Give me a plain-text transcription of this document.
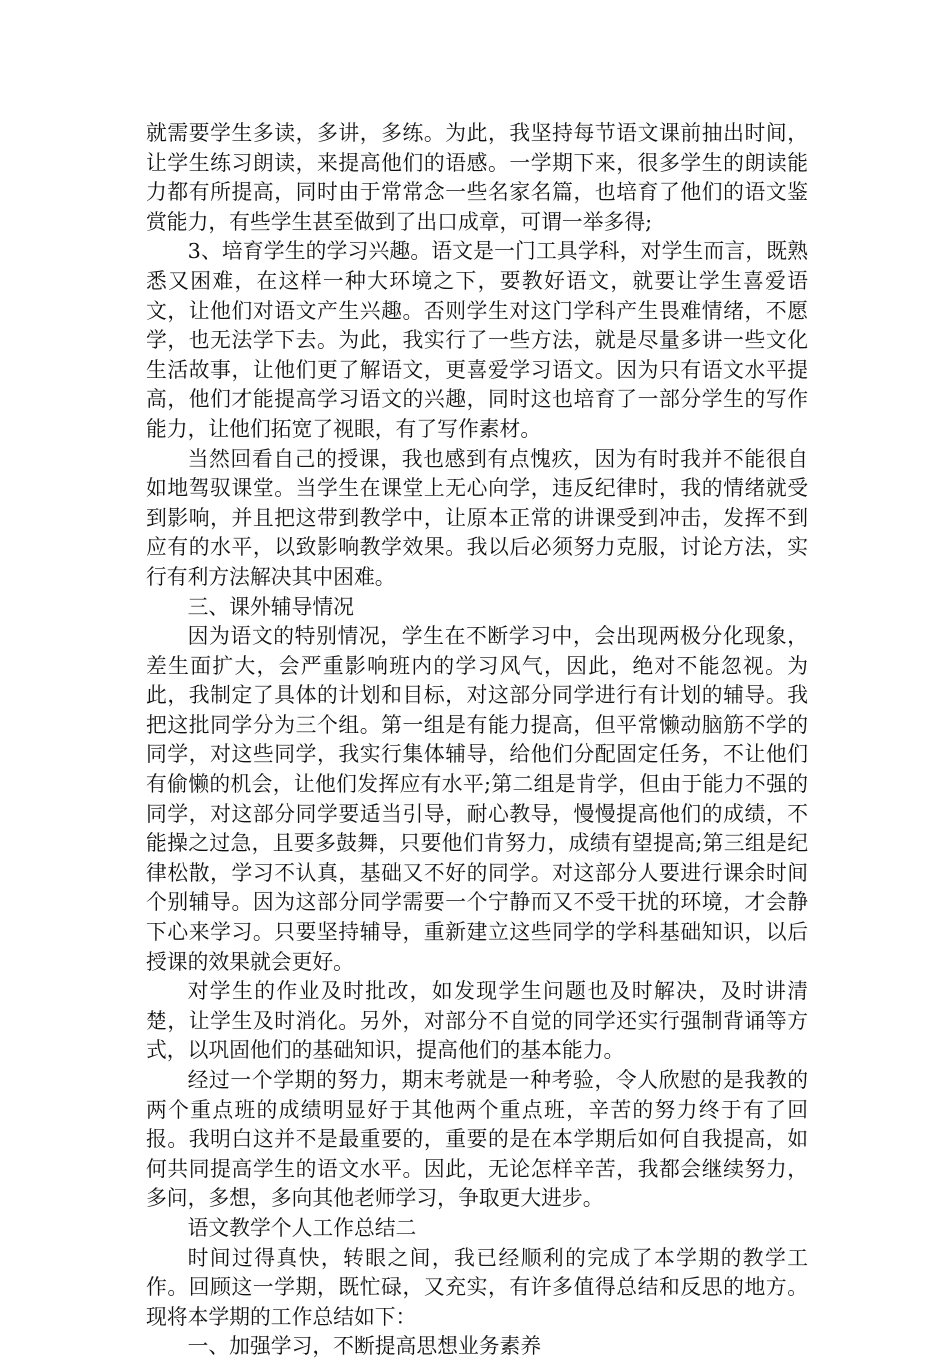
就需要学生多读，多讲，多练。为此，我坚持每节语文课前抽出时间，让学生练习朗读，来提高他们的语感。一学期下来，很多学生的朗读能力都有所提高，同时由于常常念一些名家名篇，也培育了他们的语文鉴赏能力，有些学生甚至做到了出口成章，可谓一举多得;

3、培育学生的学习兴趣。语文是一门工具学科，对学生而言，既熟悉又困难，在这样一种大环境之下，要教好语文，就要让学生喜爱语文，让他们对语文产生兴趣。否则学生对这门学科产生畏难情绪，不愿学，也无法学下去。为此，我实行了一些方法，就是尽量多讲一些文化生活故事，让他们更了解语文，更喜爱学习语文。因为只有语文水平提高，他们才能提高学习语文的兴趣，同时这也培育了一部分学生的写作能力，让他们拓宽了视眼，有了写作素材。

当然回看自己的授课，我也感到有点愧疚，因为有时我并不能很自如地驾驭课堂。当学生在课堂上无心向学，违反纪律时，我的情绪就受到影响，并且把这带到教学中，让原本正常的讲课受到冲击，发挥不到应有的水平，以致影响教学效果。我以后必须努力克服，讨论方法，实行有利方法解决其中困难。

三、课外辅导情况

因为语文的特别情况，学生在不断学习中，会出现两极分化现象，差生面扩大，会严重影响班内的学习风气，因此，绝对不能忽视。为此，我制定了具体的计划和目标，对这部分同学进行有计划的辅导。我把这批同学分为三个组。第一组是有能力提高，但平常懒动脑筋不学的同学，对这些同学，我实行集体辅导，给他们分配固定任务，不让他们有偷懒的机会，让他们发挥应有水平;第二组是肯学，但由于能力不强的同学，对这部分同学要适当引导，耐心教导，慢慢提高他们的成绩，不能操之过急，且要多鼓舞，只要他们肯努力，成绩有望提高;第三组是纪律松散，学习不认真，基础又不好的同学。对这部分人要进行课余时间个别辅导。因为这部分同学需要一个宁静而又不受干扰的环境，才会静下心来学习。只要坚持辅导，重新建立这些同学的学科基础知识，以后授课的效果就会更好。

对学生的作业及时批改，如发现学生问题也及时解决，及时讲清楚，让学生及时消化。另外，对部分不自觉的同学还实行强制背诵等方式，以巩固他们的基础知识，提高他们的基本能力。

经过一个学期的努力，期末考就是一种考验，令人欣慰的是我教的两个重点班的成绩明显好于其他两个重点班，辛苦的努力终于有了回报。我明白这并不是最重要的，重要的是在本学期后如何自我提高，如何共同提高学生的语文水平。因此，无论怎样辛苦，我都会继续努力，多问，多想，多向其他老师学习，争取更大进步。

语文教学个人工作总结二

时间过得真快，转眼之间，我已经顺利的完成了本学期的教学工作。回顾这一学期，既忙碌，又充实，有许多值得总结和反思的地方。现将本学期的工作总结如下：

一、加强学习，不断提高思想业务素养
